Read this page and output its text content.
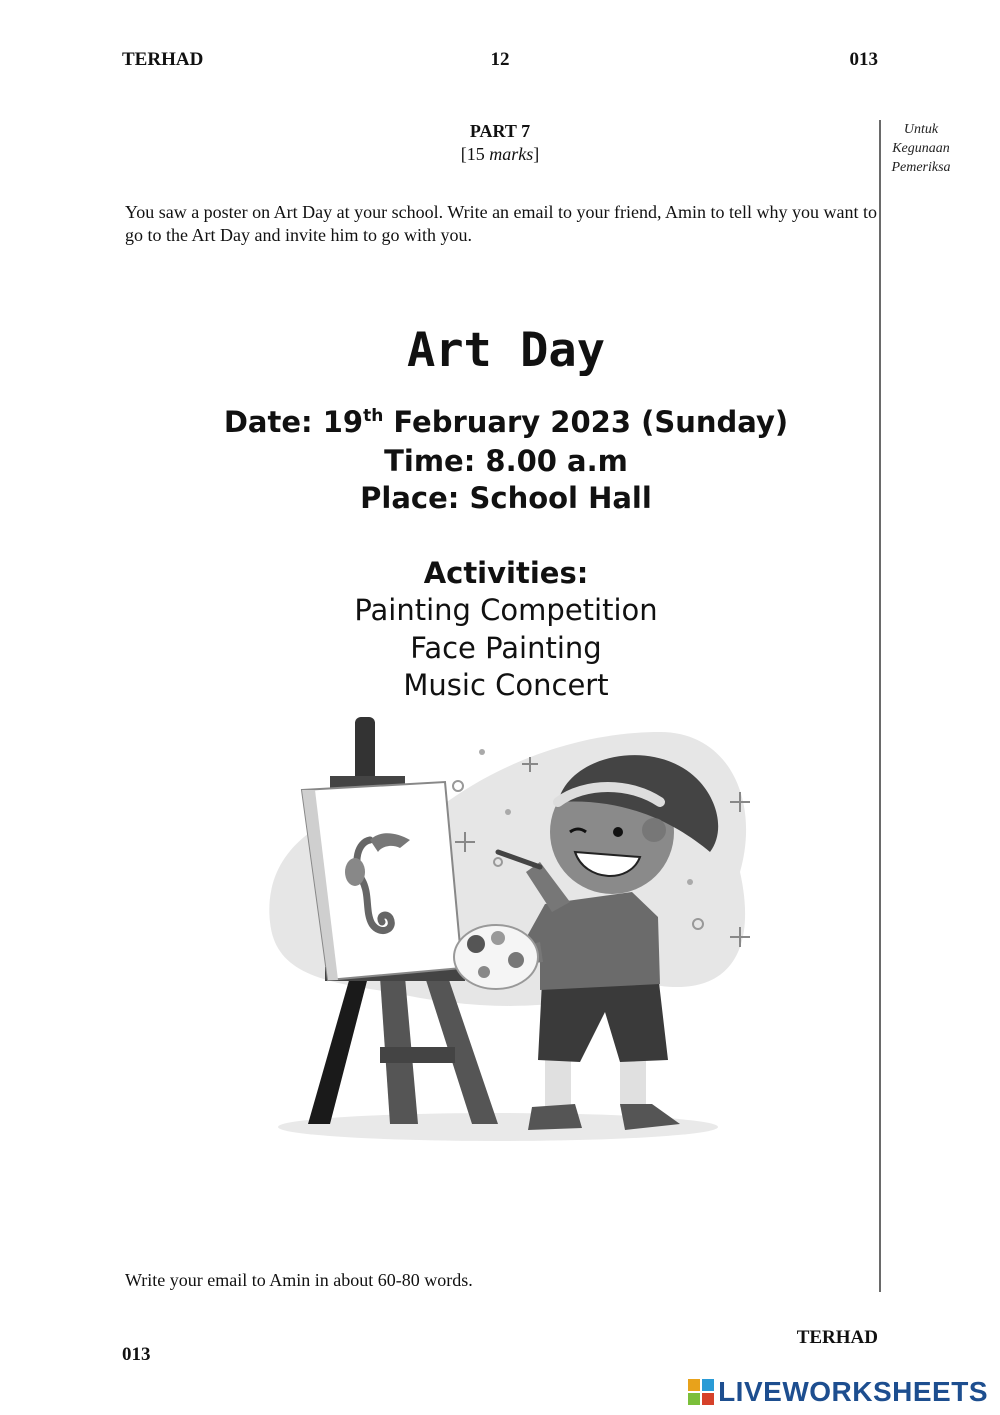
TERHAD	12	013
Untuk
Kegunaan
Pemeriksa
PART 7
[15 marks]
You saw a poster on Art Day at your school. Write an email to your friend, Amin to tell why you want to go to the Art Day and invite him to go with you.
Art Day
Date: 19th February 2023 (Sunday)
Time: 8.00 a.m
Place: School Hall
Activities:
Painting Competition
Face Painting
Music Concert
Write your email to Amin in about 60-80 words.
TERHAD
013
LIVEWORKSHEETS
